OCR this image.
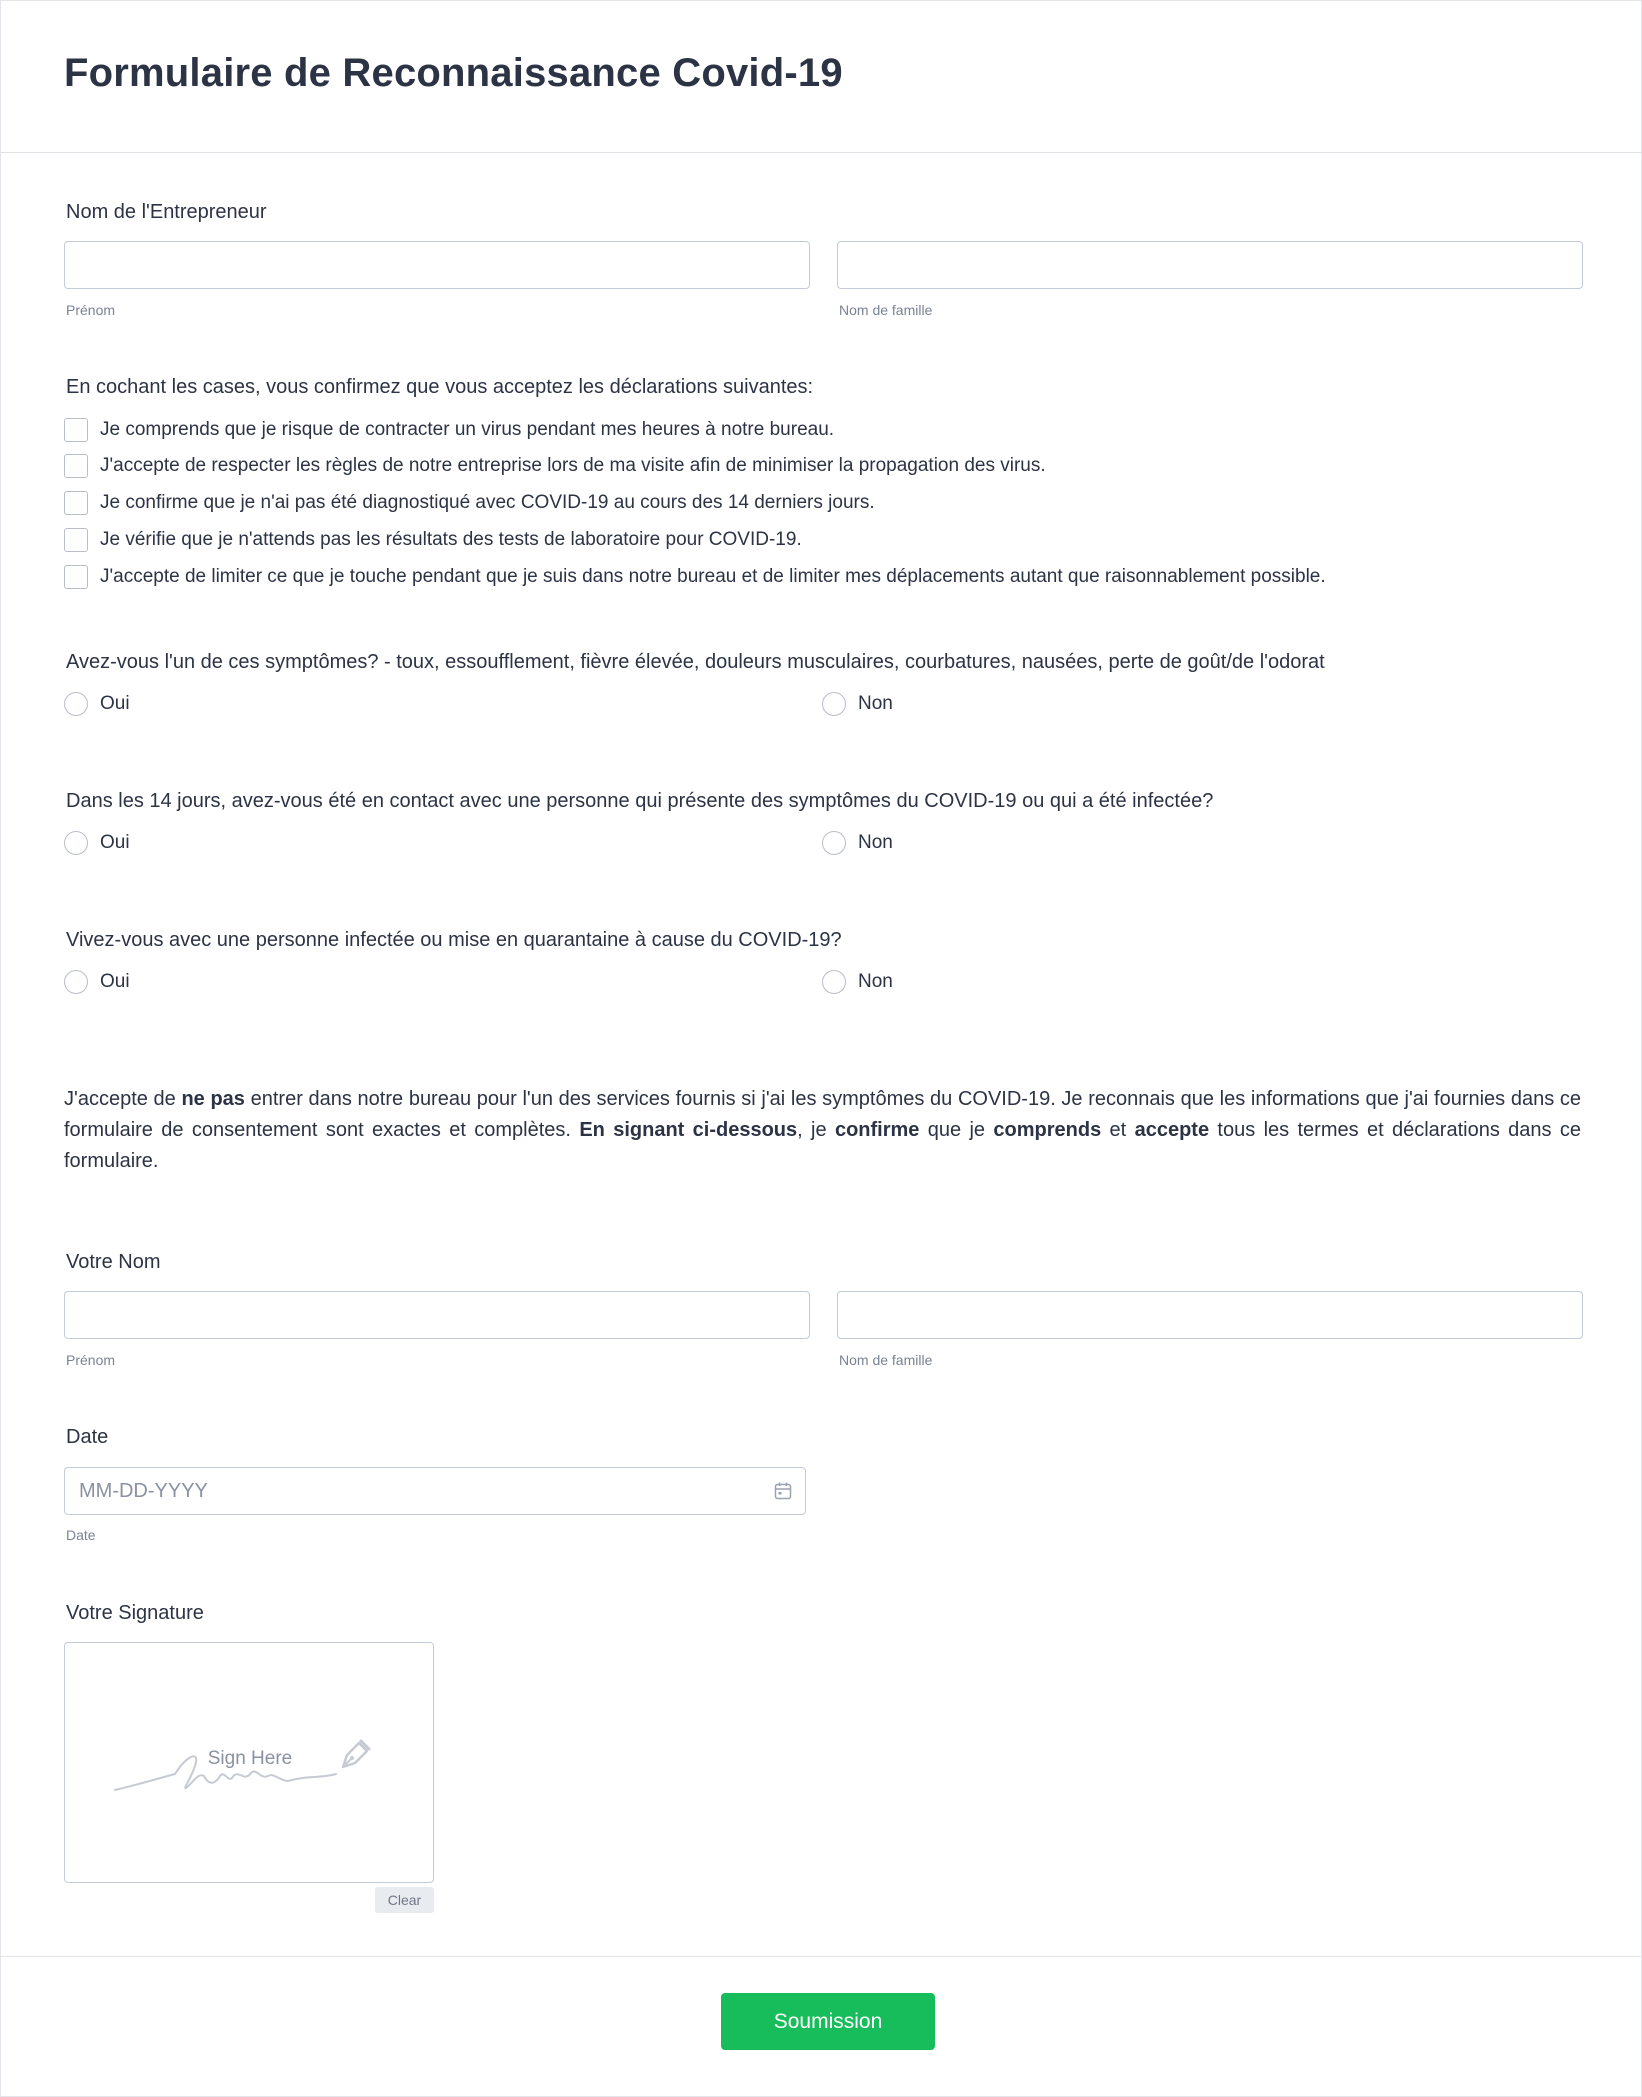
Formulaire de Reconnaissance Covid-19
Nom de l'Entrepreneur
Prénom	Nom de famille
En cochant les cases, vous confirmez que vous acceptez les déclarations suivantes:
Je comprends que je risque de contracter un virus pendant mes heures à notre bureau.
J'accepte de respecter les règles de notre entreprise lors de ma visite afin de minimiser la propagation des virus.
Je confirme que je n'ai pas été diagnostiqué avec COVID-19 au cours des 14 derniers jours.
Je vérifie que je n'attends pas les résultats des tests de laboratoire pour COVID-19.
J'accepte de limiter ce que je touche pendant que je suis dans notre bureau et de limiter mes déplacements autant que raisonnablement possible.
Avez-vous l'un de ces symptômes? - toux, essoufflement, fièvre élevée, douleurs musculaires, courbatures, nausées, perte de goût/de l'odorat
Oui	Non
Dans les 14 jours, avez-vous été en contact avec une personne qui présente des symptômes du COVID-19 ou qui a été infectée?
Oui	Non
Vivez-vous avec une personne infectée ou mise en quarantaine à cause du COVID-19?
Oui	Non
J'accepte de ne pas entrer dans notre bureau pour l'un des services fournis si j'ai les symptômes du COVID-19. Je reconnais que les informations que j'ai fournies dans ce formulaire de consentement sont exactes et complètes. En signant ci-dessous, je confirme que je comprends et accepte tous les termes et déclarations dans ce formulaire.
Votre Nom
Prénom	Nom de famille
Date
MM-DD-YYYY
Date
Votre Signature
Sign Here
Clear
Soumission
